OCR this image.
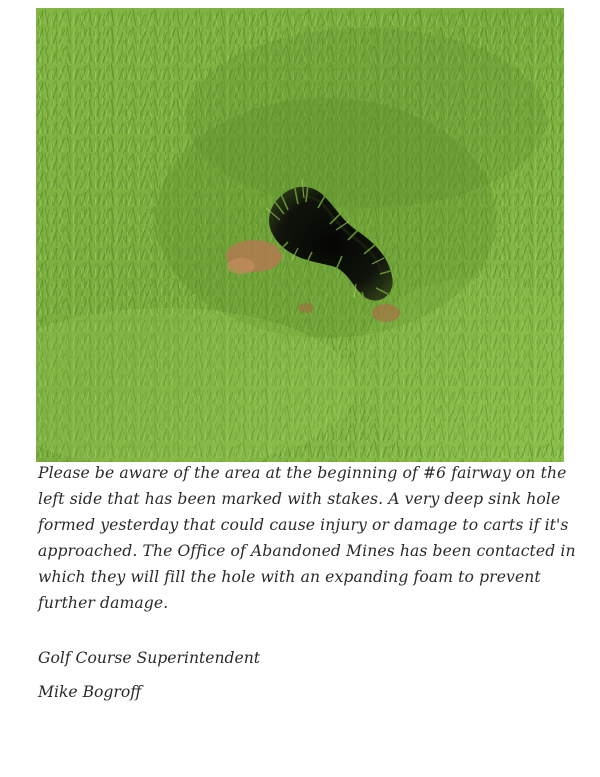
Please be aware of the area at the beginning of #6 fairway on the left side that has been marked with stakes. A very deep sink hole formed yesterday that could cause injury or damage to carts if it's approached. The Office of Abandoned Mines has been contacted in which they will fill the hole with an expanding foam to prevent further damage.

Golf Course Superintendent

Mike Bogroff
